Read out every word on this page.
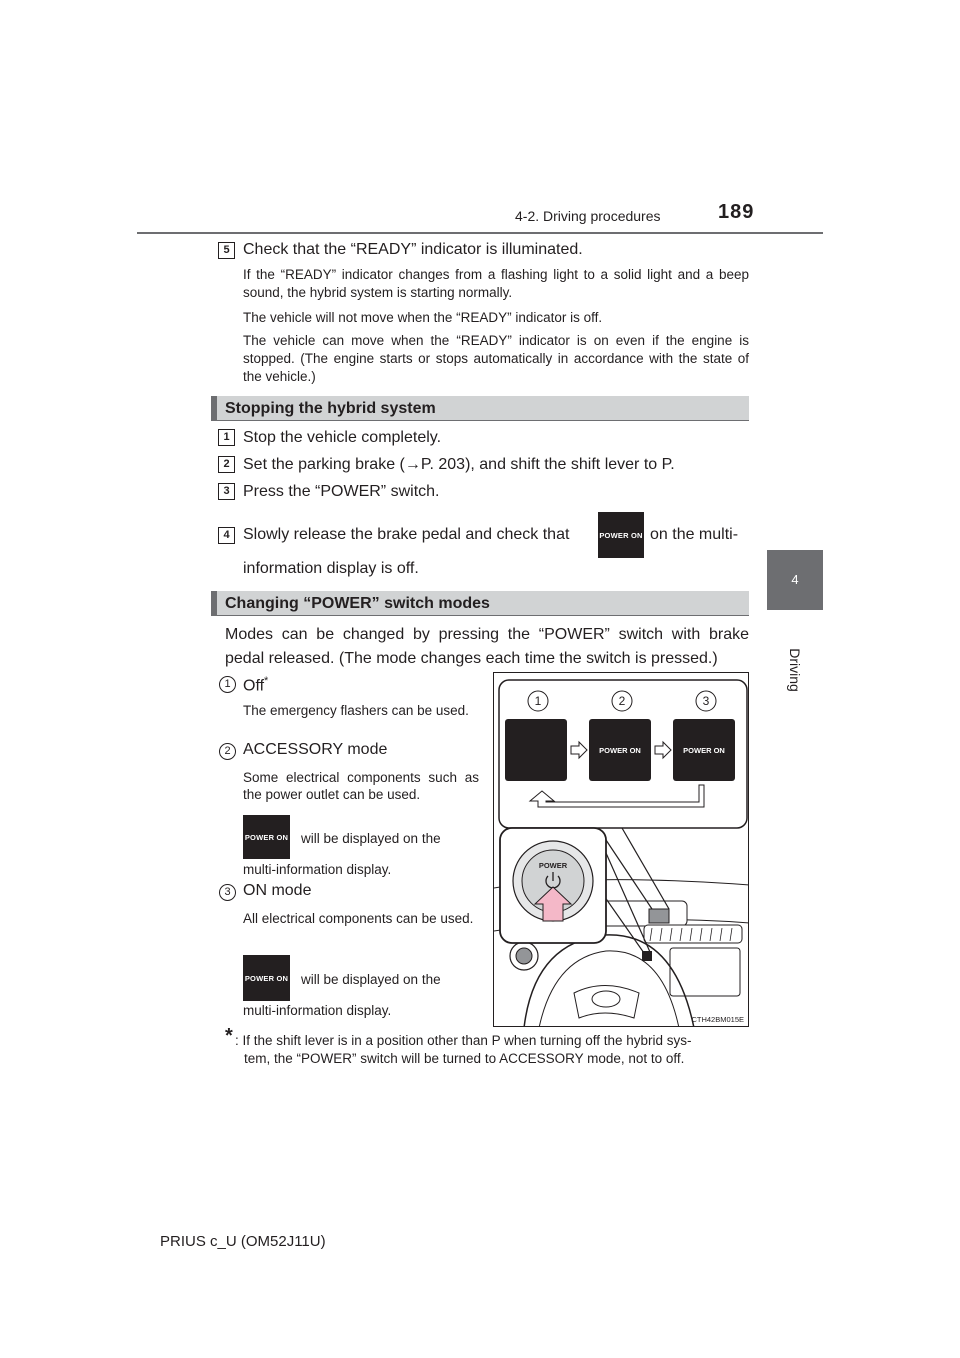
4-2. Driving procedures	189
4
Driving
5 Check that the “READY” indicator is illuminated.
If the “READY” indicator changes from a flashing light to a solid light and a beep sound, the hybrid system is starting normally.
The vehicle will not move when the “READY” indicator is off.
The vehicle can move when the “READY” indicator is on even if the engine is stopped. (The engine starts or stops automatically in accordance with the state of the vehicle.)
Stopping the hybrid system
1 Stop the vehicle completely.
2 Set the parking brake (→P. 203), and shift the shift lever to P.
3 Press the “POWER” switch.
4 Slowly release the brake pedal and check that	POWER ON on the multi-
information display is off.
Changing “POWER” switch modes
Modes can be changed by pressing the “POWER” switch with brake pedal released. (The mode changes each time the switch is pressed.)
1 Off*
The emergency flashers can be used.
2 ACCESSORY mode
Some electrical components such as the power outlet can be used.
POWER ON will be displayed on the
multi-information display.
3 ON mode
All electrical components can be used.
POWER ON will be displayed on the
multi-information display.
1	2	3
POWER ON	POWER ON
POWER
CTH42BM015E
* : If the shift lever is in a position other than P when turning off the hybrid sys-
tem, the “POWER” switch will be turned to ACCESSORY mode, not to off.
PRIUS c_U (OM52J11U)
